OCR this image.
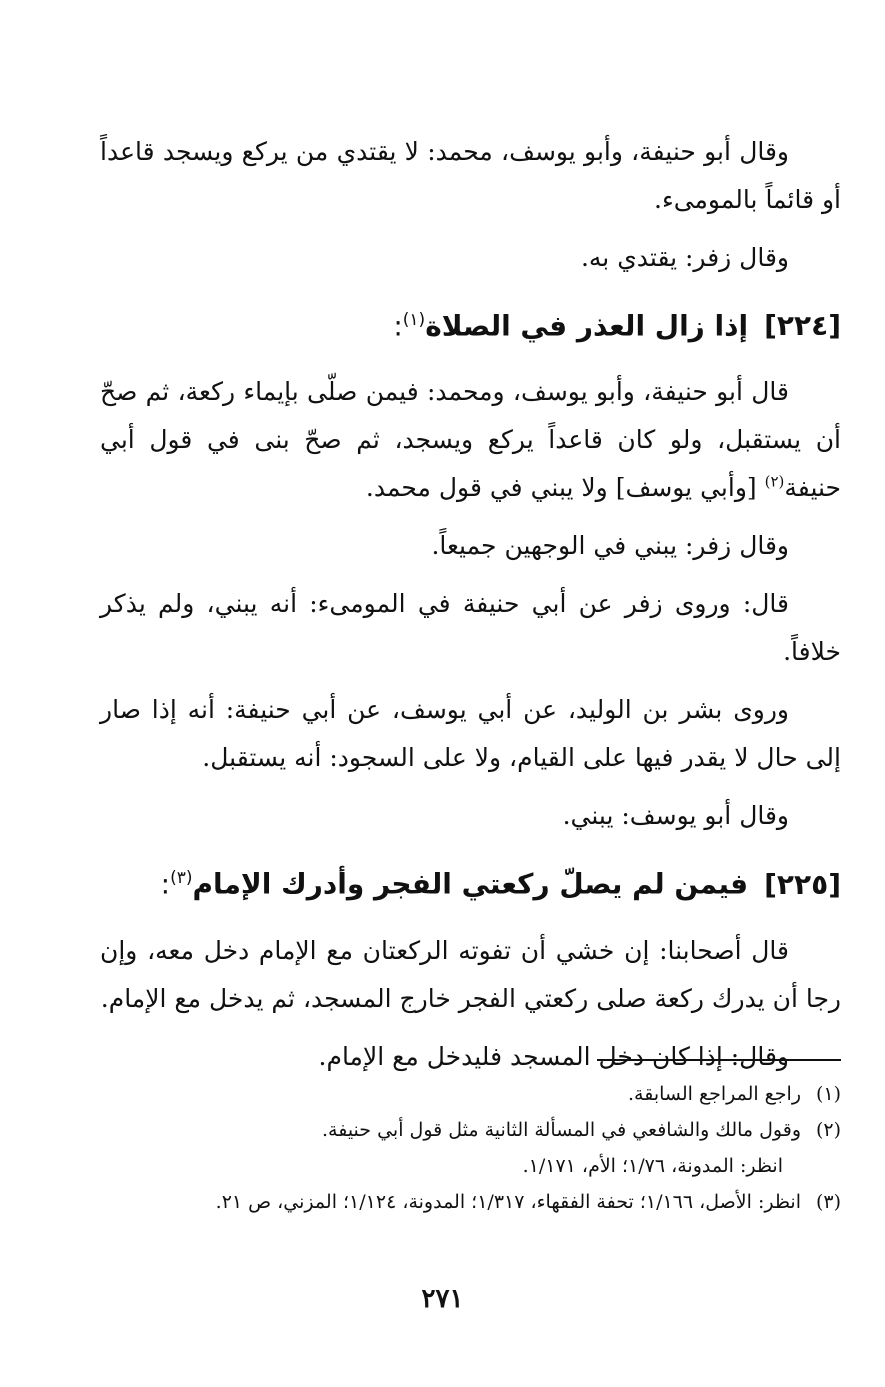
وقال أبو حنيفة، وأبو يوسف، محمد: لا يقتدي من يركع ويسجد قاعداً أو قائماً بالمومىء.

وقال زفر: يقتدي به.

[٢٢٤]إذا زال العذر في الصلاة$^{(١)}$:

قال أبو حنيفة، وأبو يوسف، ومحمد: فيمن صلّى بإيماء ركعة، ثم صحّ أن يستقبل، ولو كان قاعداً يركع ويسجد، ثم صحّ بنى في قول أبي حنيفة$^{(٢)}$ [وأبي يوسف] ولا يبني في قول محمد.

وقال زفر: يبني في الوجهين جميعاً.

قال: وروى زفر عن أبي حنيفة في المومىء: أنه يبني، ولم يذكر خلافاً.

وروى بشر بن الوليد، عن أبي يوسف، عن أبي حنيفة: أنه إذا صار إلى حال لا يقدر فيها على القيام، ولا على السجود: أنه يستقبل.

وقال أبو يوسف: يبني.

[٢٢٥]فيمن لم يصلّ ركعتي الفجر وأدرك الإمام$^{(٣)}$:

قال أصحابنا: إن خشي أن تفوته الركعتان مع الإمام دخل معه، وإن رجا أن يدرك ركعة صلى ركعتي الفجر خارج المسجد، ثم يدخل مع الإمام.

وقال: إذا كان دخل المسجد فليدخل مع الإمام.

(١)
راجع المراجع السابقة.
(٢)
وقول مالك والشافعي في المسألة الثانية مثل قول أبي حنيفة.
انظر: المدونة، ١/٧٦؛ الأم، ١/١٧١.
(٣)
انظر: الأصل، ١/١٦٦؛ تحفة الفقهاء، ١/٣١٧؛ المدونة، ١/١٢٤؛ المزني، ص ٢١.
٢٧١
